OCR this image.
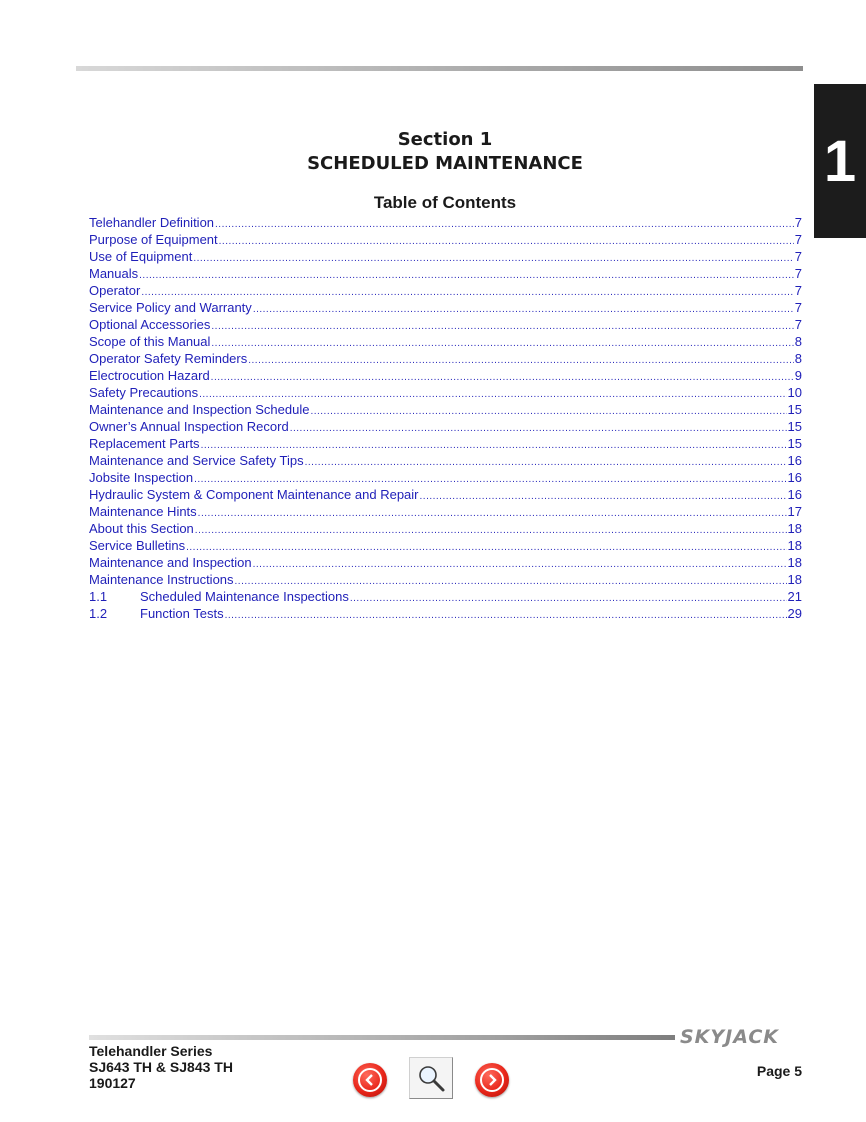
1
Section 1
SCHEDULED MAINTENANCE
Table of Contents
Telehandler Definition .....	7
Purpose of Equipment .....	7
Use of Equipment .....	7
Manuals .....	7
Operator .....	7
Service Policy and Warranty .....	7
Optional Accessories .....	7
Scope of this Manual .....	8
Operator Safety Reminders .....	8
Electrocution Hazard .....	9
Safety Precautions .....	10
Maintenance and Inspection Schedule .....	15
Owner’s Annual Inspection Record .....	15
Replacement Parts .....	15
Maintenance and Service Safety Tips .....	16
Jobsite Inspection .....	16
Hydraulic System & Component Maintenance and Repair .....	16
Maintenance Hints .....	17
About this Section .....	18
Service Bulletins .....	18
Maintenance and Inspection .....	18
Maintenance Instructions .....	18
1.1	Scheduled Maintenance Inspections .....	21
1.2	Function Tests .....	29
SKYJACK
Telehandler Series
SJ643 TH & SJ843 TH
190127
Page 5
